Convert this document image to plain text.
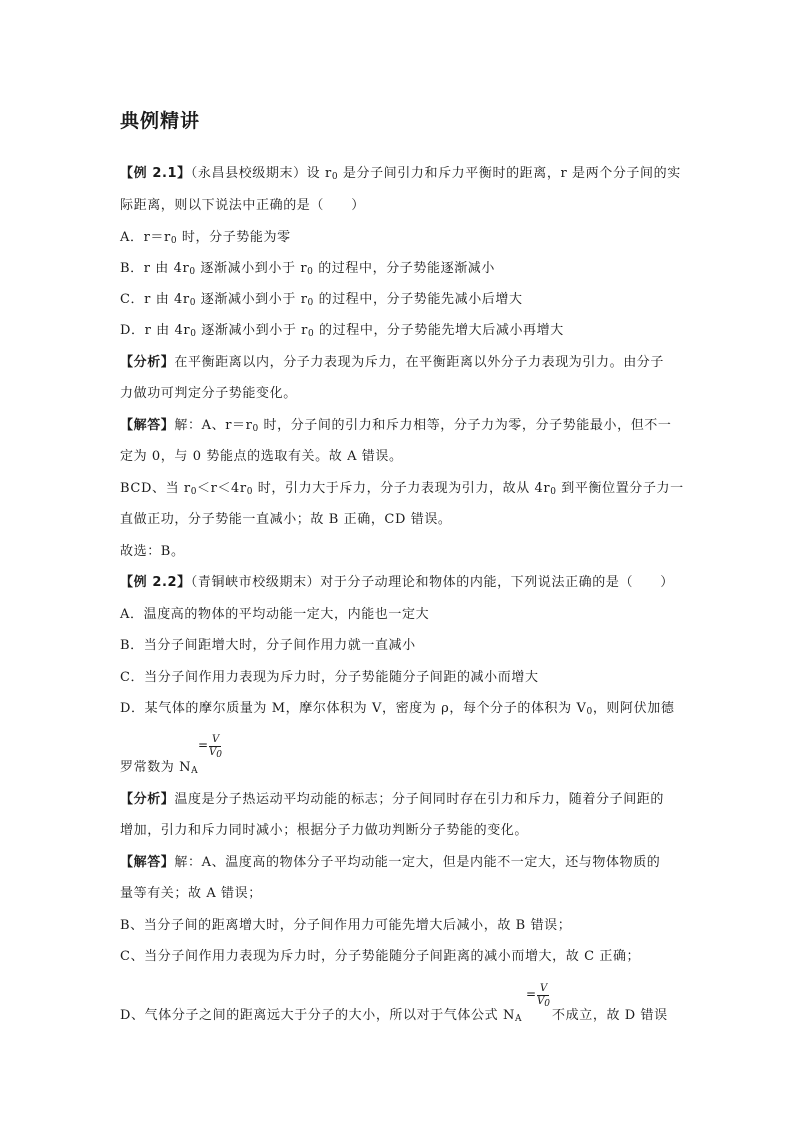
典例精讲
【例 2.1】（永昌县校级期末）设 $r_0$ 是分子间引力和斥力平衡时的距离，r 是两个分子间的实
际距离，则以下说法中正确的是（　　）
A．$r=r_0$ 时，分子势能为零
B．r 由 $4r_0$ 逐渐减小到小于 $r_0$ 的过程中，分子势能逐渐减小
C．r 由 $4r_0$ 逐渐减小到小于 $r_0$ 的过程中，分子势能先减小后增大
D．r 由 $4r_0$ 逐渐减小到小于 $r_0$ 的过程中，分子势能先增大后减小再增大
【分析】在平衡距离以内，分子力表现为斥力，在平衡距离以外分子力表现为引力。由分子
力做功可判定分子势能变化。
【解答】解：A、$r=r_0$ 时，分子间的引力和斥力相等，分子力为零，分子势能最小，但不一
定为 0，与 0 势能点的选取有关。故 A 错误。
BCD、当 $r_0<r<4r_0$ 时，引力大于斥力，分子力表现为引力，故从 $4r_0$ 到平衡位置分子力一
直做正功，分子势能一直减小；故 B 正确，CD 错误。
故选：B。
【例 2.2】（青铜峡市校级期末）对于分子动理论和物体的内能，下列说法正确的是（　　）
A．温度高的物体的平均动能一定大，内能也一定大
B．当分子间距增大时，分子间作用力就一直减小
C．当分子间作用力表现为斥力时，分子势能随分子间距的减小而增大
D．某气体的摩尔质量为 M，摩尔体积为 V，密度为 ρ，每个分子的体积为 $V_0$，则阿伏加德
罗常数为 $N_A$
= V
$V_0$
【分析】温度是分子热运动平均动能的标志；分子间同时存在引力和斥力，随着分子间距的
增加，引力和斥力同时减小；根据分子力做功判断分子势能的变化。
【解答】解：A、温度高的物体分子平均动能一定大，但是内能不一定大，还与物体物质的
量等有关；故 A 错误；
B、当分子间的距离增大时，分子间作用力可能先增大后减小，故 B 错误；
C、当分子间作用力表现为斥力时，分子势能随分子间距离的减小而增大，故 C 正确；
D、气体分子之间的距离远大于分子的大小，所以对于气体公式 $N_A$ 不成立，故 D 错误
= V
$V_0$
